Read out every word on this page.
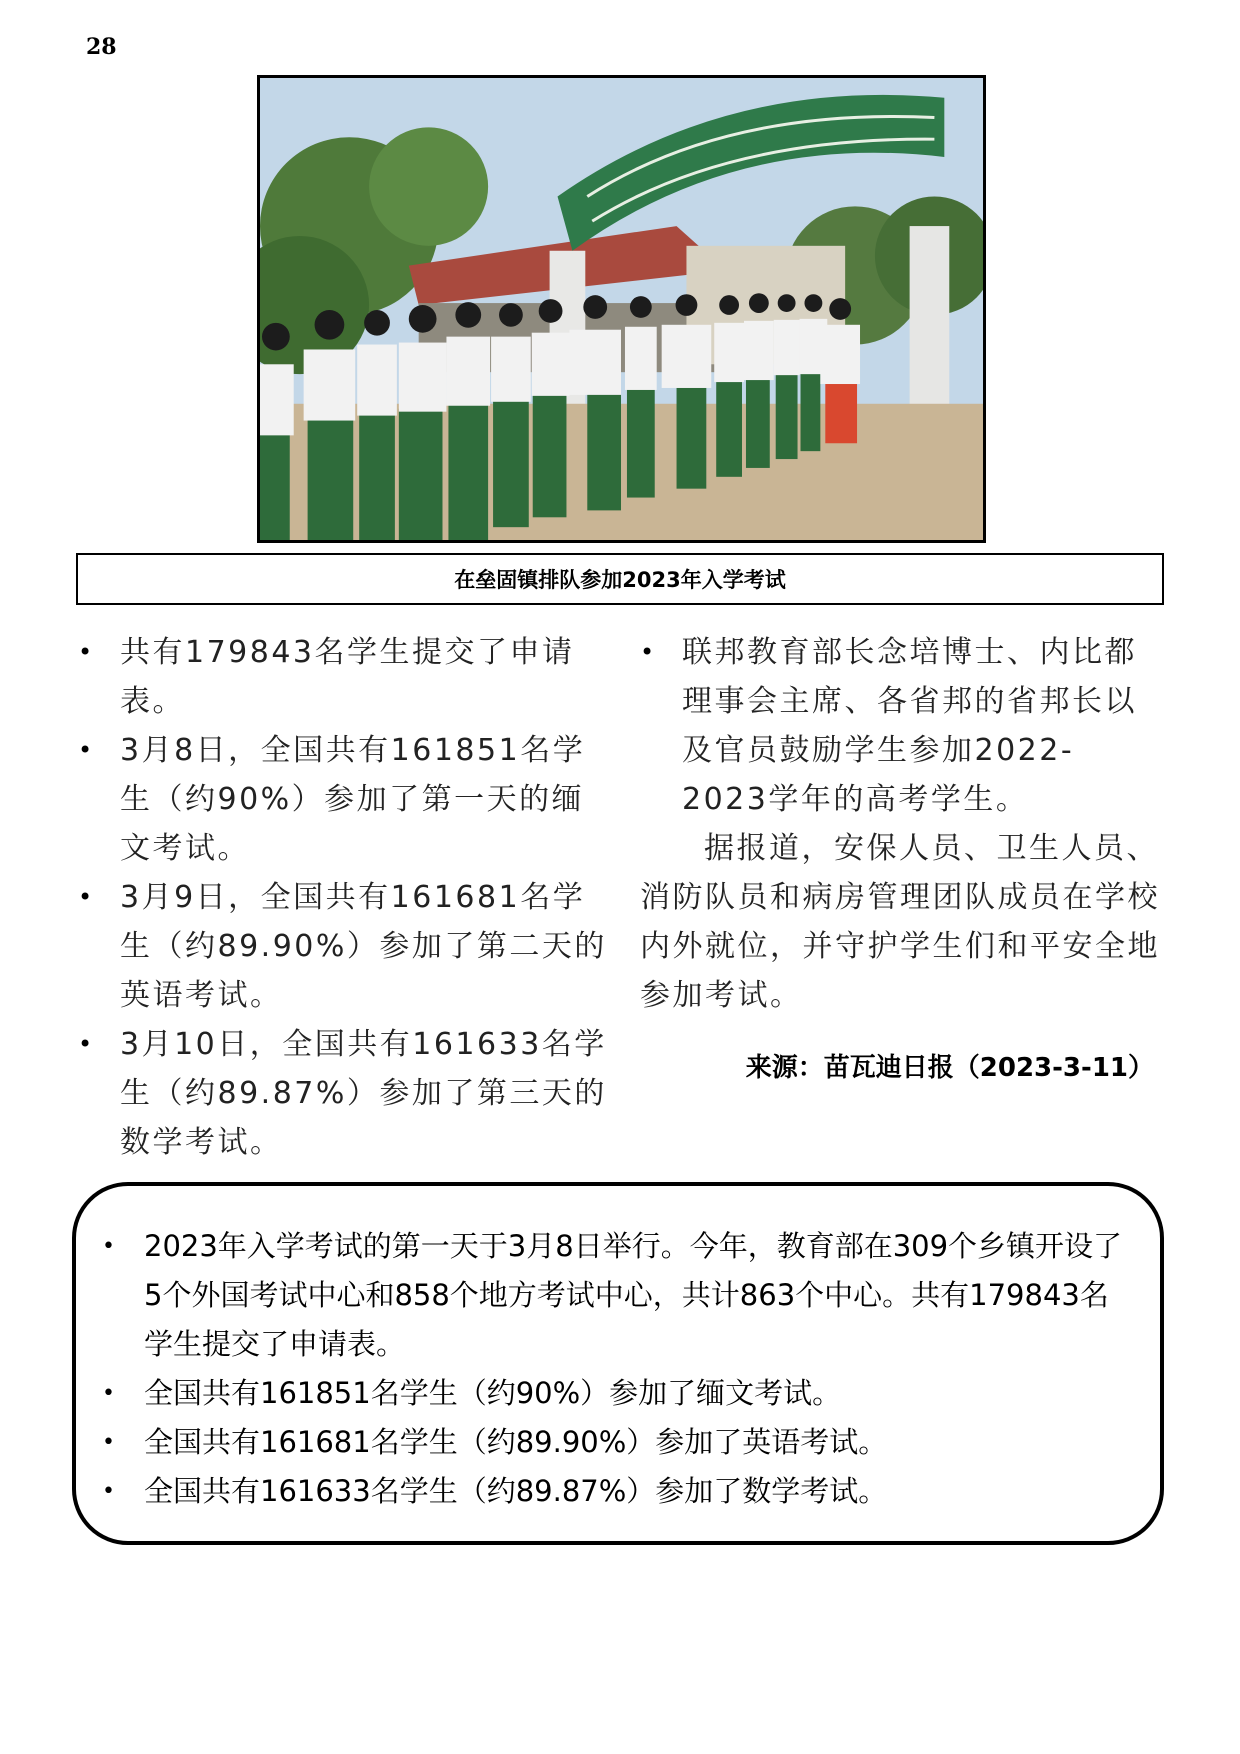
28
在垒固镇排队参加2023年入学考试
• 共有179843名学生提交了申请表。
• 3月8日，全国共有161851名学生（约90%）参加了第一天的缅文考试。
• 3月9日，全国共有161681名学生（约89.90%）参加了第二天的英语考试。
• 3月10日，全国共有161633名学生（约89.87%）参加了第三天的数学考试。
• 联邦教育部长念培博士、内比都理事会主席、各省邦的省邦长以及官员鼓励学生参加2022-2023学年的高考学生。

据报道，安保人员、卫生人员、消防队员和病房管理团队成员在学校内外就位，并守护学生们和平安全地参加考试。

来源：苗瓦迪日报（2023-3-11）
• 2023年入学考试的第一天于3月8日举行。今年，教育部在309个乡镇开设了5个外国考试中心和858个地方考试中心，共计863个中心。共有179843名学生提交了申请表。
• 全国共有161851名学生（约90%）参加了缅文考试。
• 全国共有161681名学生（约89.90%）参加了英语考试。
• 全国共有161633名学生（约89.87%）参加了数学考试。
